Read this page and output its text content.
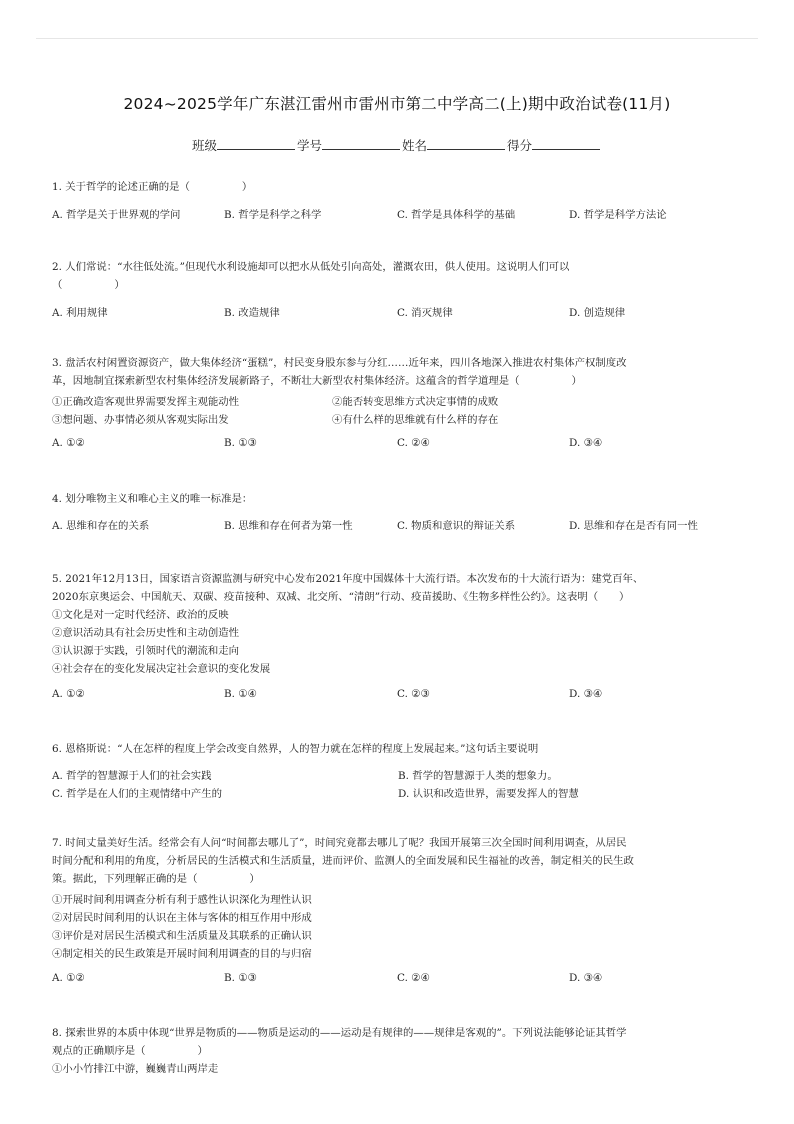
2024~2025学年广东湛江雷州市雷州市第二中学高二(上)期中政治试卷(11月)
班级	学号	姓名	得分
1. 关于哲学的论述正确的是（　　　　　）
A. 哲学是关于世界观的学问	B. 哲学是科学之科学	C. 哲学是具体科学的基础	D. 哲学是科学方法论
2. 人们常说：“水往低处流。”但现代水利设施却可以把水从低处引向高处，灌溉农田，供人使用。这说明人们可以
（　　　　　）
A. 利用规律	B. 改造规律	C. 消灭规律	D. 创造规律
3. 盘活农村闲置资源资产，做大集体经济“蛋糕”，村民变身股东参与分红……近年来，四川各地深入推进农村集体产权制度改
革，因地制宜探索新型农村集体经济发展新路子，不断壮大新型农村集体经济。这蕴含的哲学道理是（　　　　　）
①正确改造客观世界需要发挥主观能动性	②能否转变思维方式决定事情的成败
③想问题、办事情必须从客观实际出发	④有什么样的思维就有什么样的存在
A. ①②	B. ①③	C. ②④	D. ③④
4. 划分唯物主义和唯心主义的唯一标准是：
A. 思维和存在的关系	B. 思维和存在何者为第一性	C. 物质和意识的辩证关系	D. 思维和存在是否有同一性
5. 2021年12月13日，国家语言资源监测与研究中心发布2021年度中国媒体十大流行语。本次发布的十大流行语为：建党百年、
2020东京奥运会、中国航天、双碳、疫苗接种、双减、北交所、“清朗”行动、疫苗援助、《生物多样性公约》。这表明（　　）
①文化是对一定时代经济、政治的反映
②意识活动具有社会历史性和主动创造性
③认识源于实践，引领时代的潮流和走向
④社会存在的变化发展决定社会意识的变化发展
A. ①②	B. ①④	C. ②③	D. ③④
6. 恩格斯说：“人在怎样的程度上学会改变自然界，人的智力就在怎样的程度上发展起来。”这句话主要说明
A. 哲学的智慧源于人们的社会实践	B. 哲学的智慧源于人类的想象力。
C. 哲学是在人们的主观情绪中产生的	D. 认识和改造世界，需要发挥人的智慧
7. 时间丈量美好生活。经常会有人问“时间都去哪儿了”，时间究竟都去哪儿了呢？我国开展第三次全国时间利用调查，从居民
时间分配和利用的角度，分析居民的生活模式和生活质量，进而评价、监测人的全面发展和民生福祉的改善，制定相关的民生政
策。据此，下列理解正确的是（　　　　　）
①开展时间利用调查分析有利于感性认识深化为理性认识
②对居民时间利用的认识在主体与客体的相互作用中形成
③评价是对居民生活模式和生活质量及其联系的正确认识
④制定相关的民生政策是开展时间利用调查的目的与归宿
A. ①②	B. ①③	C. ②④	D. ③④
8. 探索世界的本质中体现“世界是物质的——物质是运动的——运动是有规律的——规律是客观的”。下列说法能够论证其哲学
观点的正确顺序是（　　　　　）
①小小竹排江中游，巍巍青山两岸走
